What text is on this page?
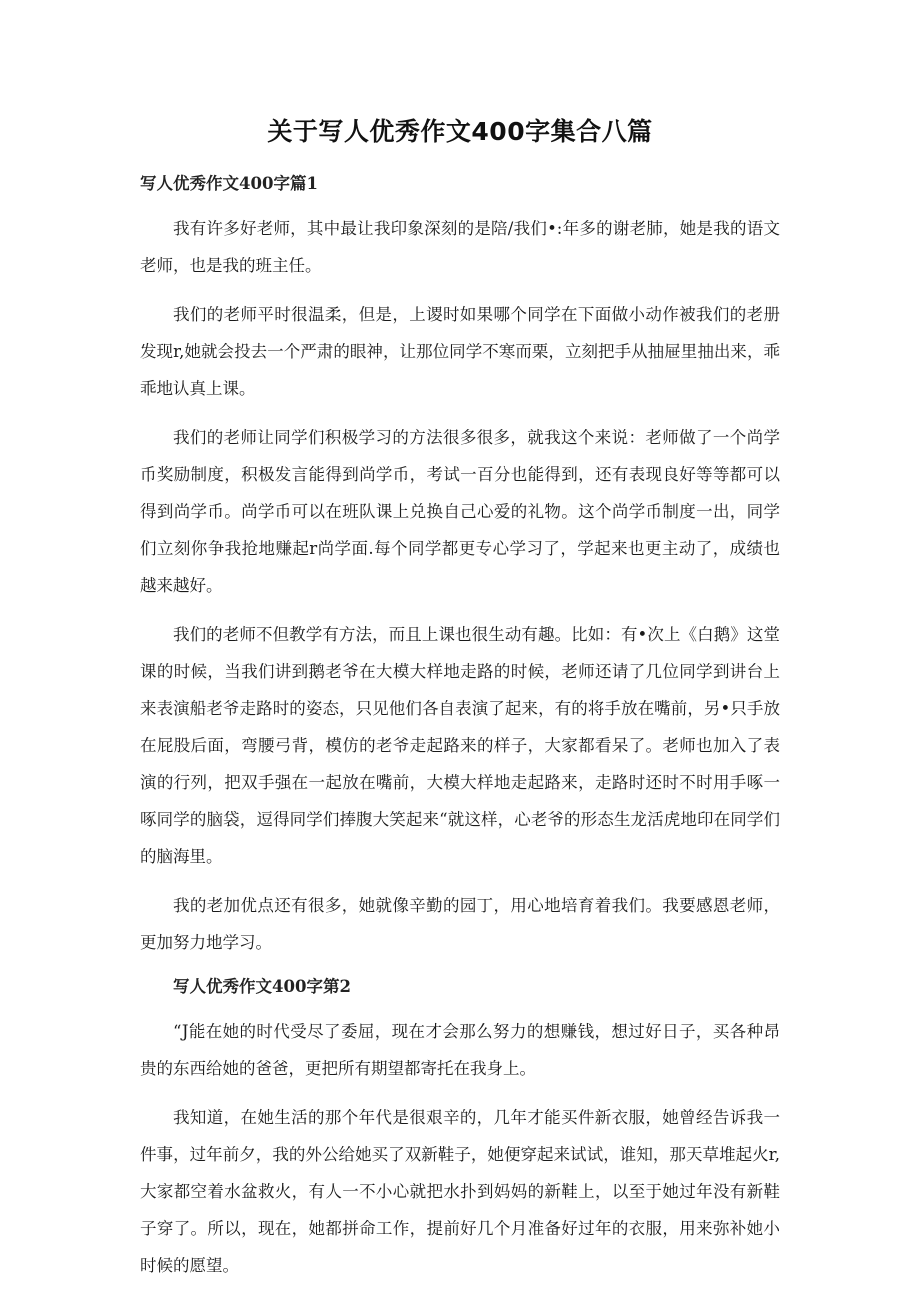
关于写人优秀作文400字集合八篇
写人优秀作文400字篇1

我有许多好老师，其中最让我印象深刻的是陪/我们•:年多的谢老肺，她是我的语文老师，也是我的班主任。

我们的老师平时很温柔，但是，上谡时如果哪个同学在下面做小动作被我们的老册发现r,她就会投去一个严肃的眼神，让那位同学不寒而栗，立刻把手从抽屉里抽出来，乖乖地认真上课。

我们的老师让同学们积极学习的方法很多很多，就我这个来说：老师做了一个尚学币奖励制度，积极发言能得到尚学币，考试一百分也能得到，还有表现良好等等都可以得到尚学币。尚学币可以在班队课上兑换自己心爱的礼物。这个尚学币制度一出，同学们立刻你争我抢地赚起r尚学面.每个同学都更专心学习了，学起来也更主动了，成绩也越来越好。

我们的老师不但教学有方法，而且上课也很生动有趣。比如：有•次上《白鹅》这堂课的时候，当我们讲到鹅老爷在大模大样地走路的时候，老师还请了几位同学到讲台上来表演船老爷走路时的姿态，只见他们各自表演了起来，有的将手放在嘴前，另•只手放在屁股后面，弯腰弓背，模仿的老爷走起路来的样子，大家都看呆了。老师也加入了表演的行列，把双手强在一起放在嘴前，大模大样地走起路来，走路时还时不时用手啄一啄同学的脑袋，逗得同学们捧腹大笑起来“就这样，心老爷的形态生龙活虎地印在同学们的脑海里。

我的老加优点还有很多，她就像辛勤的园丁，用心地培育着我们。我要感恩老师，更加努力地学习。

写人优秀作文400字第2

“J能在她的时代受尽了委屈，现在才会那么努力的想赚钱，想过好日子，买各种昂贵的东西给她的爸爸，更把所有期望都寄托在我身上。

我知道，在她生活的那个年代是很艰辛的，几年才能买件新衣服，她曾经告诉我一件事，过年前夕，我的外公给她买了双新鞋子，她便穿起来试试，谁知，那天草堆起火r,大家都空着水盆救火，有人一不小心就把水扑到妈妈的新鞋上，以至于她过年没有新鞋子穿了。所以，现在，她都拼命工作，提前好几个月准备好过年的衣服，用来弥补她小时候的愿望。
